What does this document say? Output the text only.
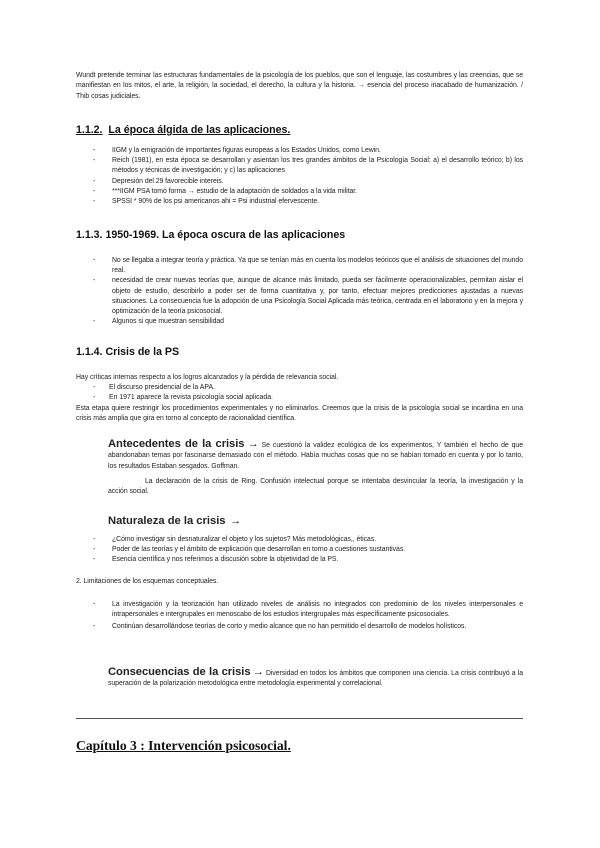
Wundt pretende terminar las estructuras fundamentales de la psicología de los pueblos, que son el lenguaje, las costumbres y las creencias, que se manifiestan en los mitos, el arte, la religión, la sociedad, el derecho, la cultura y la historia. → esencia del proceso inacabado de humanización. / Thib cosas judiciales.

1.1.2. La época álgida de las aplicaciones.
- IIGM y la emigración de importantes figuras europeas a los Estados Unidos, como Lewin.
- Reich (1981), en esta época se desarrollan y asientan los tres grandes ámbitos de la Psicología Social: a) el desarrollo teórico; b) los métodos y técnicas de investigación; y c) las aplicaciones
- Depresión del 29 favorecible intereis.
- ***IIGM PSA tomó forma → estudio de la adaptación de soldados a la vida militar.
- SPSSI * 90% de los psi americanos ahi = Psi industrial efervescente.
1.1.3. 1950-1969. La época oscura de las aplicaciones
- No se llegaba a integrar teoría y práctica. Ya que se tenían más en cuenta los modelos teóricos que el análisis de situaciones del mundo real.
- necesidad de crear nuevas teorías que, aunque de alcance más limitado, pueda ser fácilmente operacionalizables, permitan aislar el objeto de estudio, describirlo a poder ser de forma cuantitativa y, por tanto, efectuar mejores predicciones ajustadas a nuevas situaciones. La consecuencia fue la adopción de una Psicología Social Aplicada más teórica, centrada en el laboratorio y en la mejora y optimización de la teoría psicosocial.
- Algunos si que muestran sensibilidad
1.1.4. Crisis de la PS

Hay críticas internas respecto a los logros alcanzados y la pérdida de relevancia social.

- El discurso presidencial de la APA.
- En 1971 aparece la revista psicología social aplicada.

Esta etapa quiere restringir los procedimientos experimentales y no eliminarlos. Creemos que la crisis de la psicología social se incardina en una crisis más amplia que gira en torno al concepto de racionalidad científica.

Antecedentes de la crisis → Se cuestionó la validez ecológica de los experimentos, Y también el hecho de que abandonaban temas por fascinarse demasiado con el método. Había muchas cosas que no se habían tomado en cuenta y por lo tanto, los resultados Estaban sesgados. Goffman.

La declaración de la crisis de Ring. Confusión intelectual porque se intentaba desvincular la teoría, la investigación y la acción social.

Naturaleza de la crisis →
- ¿Cómo investigar sin desnaturalizar el objeto y los sujetos? Más metodológicas,, éticas.
- Poder de las teorías y el ámbito de explicación que desarrollan en torno a cuestiones sustantivas.
- Esencia científica y nos referimos a discusión sobre la objetividad de la PS.

2. Limitaciones de los esquemas conceptuales.

- La investigación y la teorización han utilizado niveles de análisis no integrados con predominio de los niveles interpersonales e intrapersonales e intergrupales en menoscabo de los estudios intergrupales más específicamente psicosociales.
- Continúan desarrollándose teorías de corto y medio alcance que no han permitido el desarrollo de modelos holísticos.
Consecuencias de la crisis → Diversidad en todos los ámbitos que componen una ciencia. La crisis contribuyó a la superación de la polarización metodológica entre metodología experimental y correlacional.
Capítulo 3 : Intervención psicosocial.
